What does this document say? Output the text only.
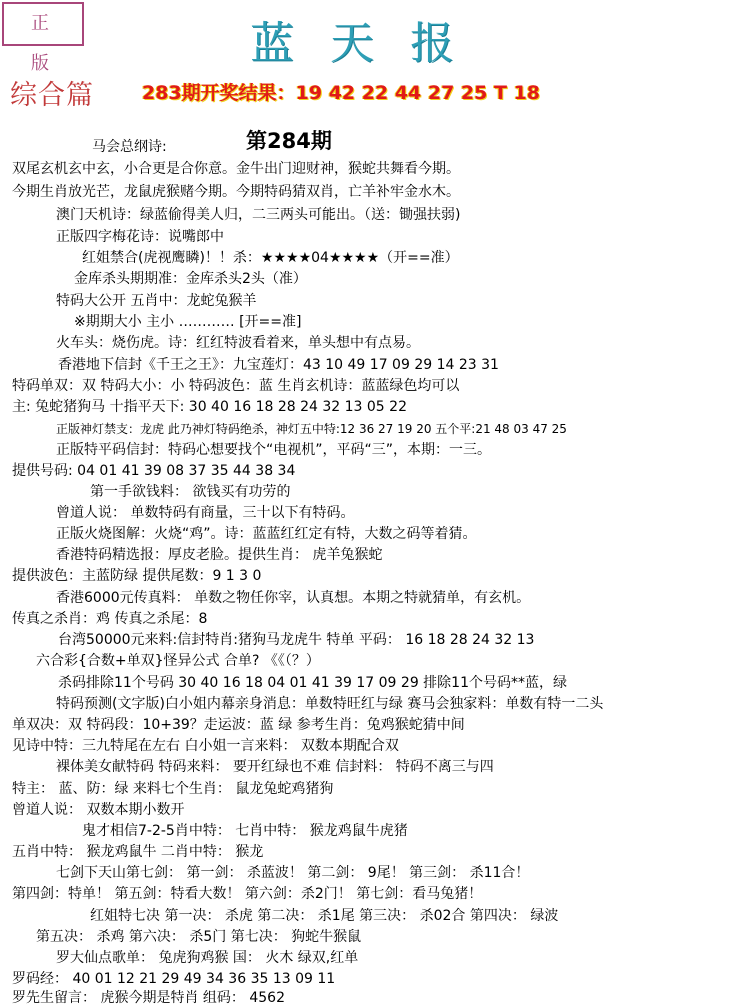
正 版	蓝天报
综合篇	283期开奖结果：19 42 22 44 27 25 T 18
第284期
马会总纲诗:
双尾玄机玄中玄，小合更是合你意。金牛出门迎财神，猴蛇共舞看今期。
今期生肖放光芒，龙鼠虎猴赌今期。今期特码猜双肖，亡羊补牢金水木。
澳门天机诗：绿蓝偷得美人归，二三两头可能出。（送：锄强扶弱)
正版四字梅花诗：说嘴郎中
红姐禁合(虎视鹰瞵)！！杀：★★★★04★★★★（开==准）
金库杀头期期准：金库杀头2头（准）
特码大公开 五肖中：龙蛇兔猴羊
※期期大小 主小 ………… [开==准]
火车头：烧伤虎。诗：红红特波看着来，单头想中有点易。
香港地下信封《千王之王》：九宝莲灯：43 10 49 17 09 29 14 23 31
特码单双：双 特码大小：小 特码波色：蓝 生肖玄机诗：蓝蓝绿色均可以
主: 兔蛇猪狗马 十指平天下: 30 40 16 18 28 24 32 13 05 22
正版神灯禁支：龙虎 此乃神灯特码绝杀，神灯五中特:12 36 27 19 20 五个平:21 48 03 47 25
正版特平码信封：特码心想要找个“电视机”，平码“三”，本期：一三。
提供号码: 04 01 41 39 08 37 35 44 38 34
第一手欲钱料： 欲钱买有功劳的
曾道人说： 单数特码有商量，三十以下有特码。
正版火烧图解：火烧“鸡”。诗：蓝蓝红红定有特，大数之码等着猜。
香港特码精选报：厚皮老脸。提供生肖： 虎羊兔猴蛇
提供波色：主蓝防绿 提供尾数：9 1 3 0
香港6000元传真料： 单数之物任你宰，认真想。本期之特就猜单，有玄机。
传真之杀肖：鸡 传真之杀尾：8
台湾50000元来料:信封特肖:猪狗马龙虎牛 特单 平码： 16 18 28 24 32 13
六合彩{合数+单双}怪异公式 合单? 《《（？）
杀码排除11个号码 30 40 16 18 04 01 41 39 17 09 29 排除11个号码**蓝，绿
特码预测(文字版)白小姐内幕亲身消息：单数特旺红与绿 赛马会独家料：单数有特一二头
单双决：双 特码段：10+39？走运波：蓝 绿 参考生肖：兔鸡猴蛇猜中间
见诗中特：三九特尾在左右 白小姐一言来料： 双数本期配合双
裸体美女献特码 特码来料： 要开红绿也不难 信封料： 特码不离三与四
特主： 蓝、防：绿 来料七个生肖： 鼠龙兔蛇鸡猪狗
曾道人说： 双数本期小数开
鬼才相信7-2-5肖中特： 七肖中特： 猴龙鸡鼠牛虎猪
五肖中特： 猴龙鸡鼠牛 二肖中特： 猴龙
七剑下天山第七剑： 第一剑： 杀蓝波！ 第二剑： 9尾！ 第三剑： 杀11合！
第四剑：特单！ 第五剑：特看大数！ 第六剑：杀2门！ 第七剑：看马兔猪！
红姐特七决 第一决： 杀虎 第二决： 杀1尾 第三决： 杀02合 第四决： 绿波
第五决： 杀鸡 第六决： 杀5门 第七决： 狗蛇牛猴鼠
罗大仙点歌单： 兔虎狗鸡猴 国： 火木 绿双,红单
罗码经： 40 01 12 21 29 49 34 36 35 13 09 11
罗先生留言： 虎猴今期是特肖 组码： 4562
